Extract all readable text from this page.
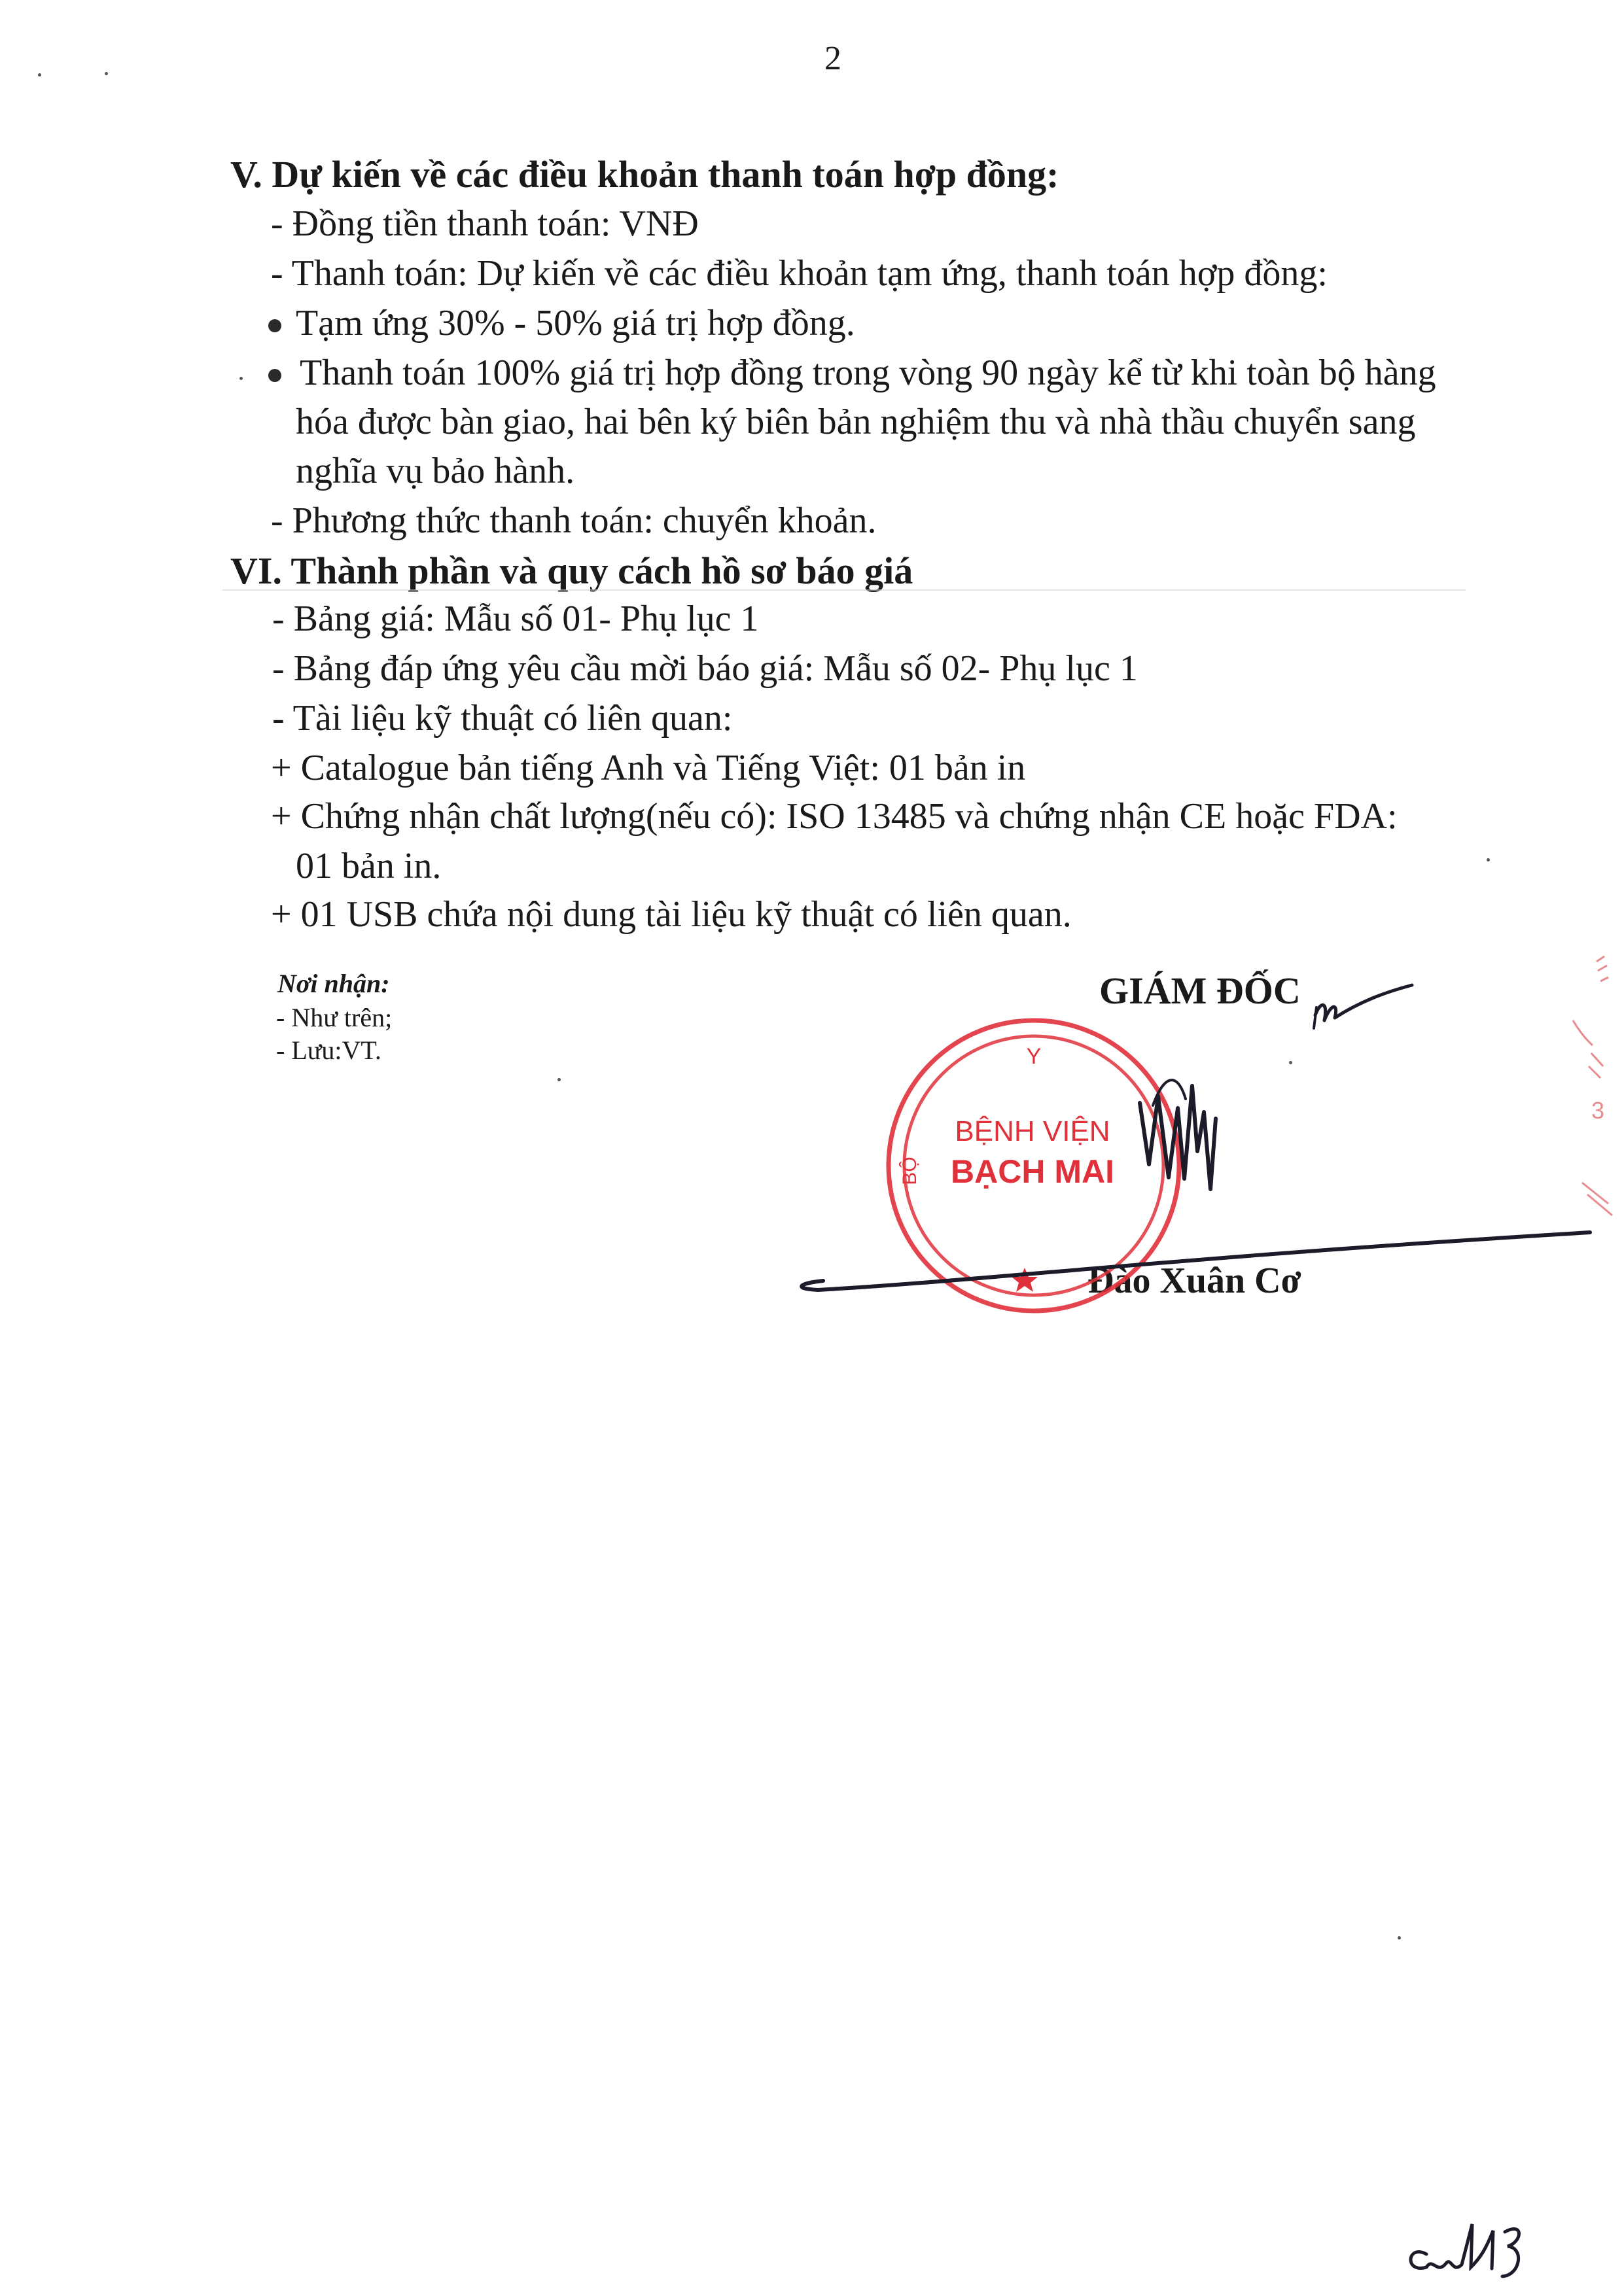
2
V. Dự kiến về các điều khoản thanh toán hợp đồng:
- Đồng tiền thanh toán: VNĐ
- Thanh toán: Dự kiến về các điều khoản tạm ứng, thanh toán hợp đồng:
Tạm ứng 30% - 50% giá trị hợp đồng.
Thanh toán 100% giá trị hợp đồng trong vòng 90 ngày kể từ khi toàn bộ hàng
hóa được bàn giao, hai bên ký biên bản nghiệm thu và nhà thầu chuyển sang
nghĩa vụ bảo hành.
- Phương thức thanh toán: chuyển khoản.
VI. Thành phần và quy cách hồ sơ báo giá
- Bảng giá: Mẫu số 01- Phụ lục 1
- Bảng đáp ứng yêu cầu mời báo giá: Mẫu số 02- Phụ lục 1
- Tài liệu kỹ thuật có liên quan:
+ Catalogue bản tiếng Anh và Tiếng Việt: 01 bản in
+ Chứng nhận chất lượng(nếu có): ISO 13485 và chứng nhận CE hoặc FDA:
01 bản in.
+ 01 USB chứa nội dung tài liệu kỹ thuật có liên quan.
Nơi nhận:
- Như trên;
- Lưu:VT.
GIÁM ĐỐC
Đào Xuân Cơ
Y
BỘ
BỆNH VIỆN
BẠCH MAI
3
